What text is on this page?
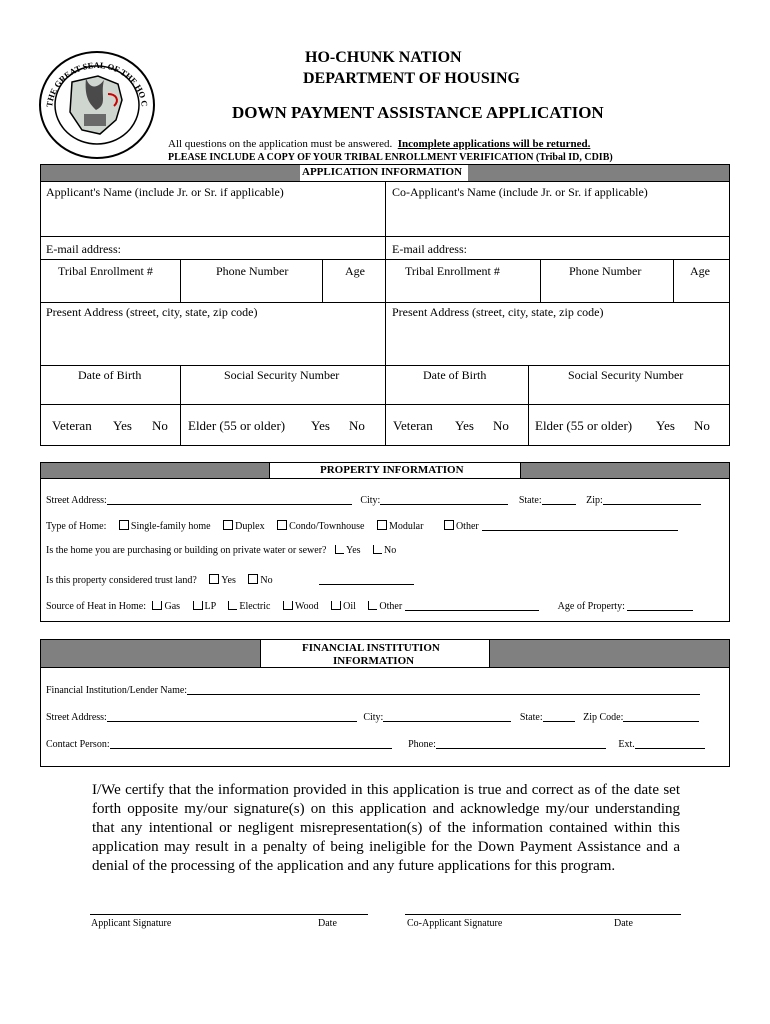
THE GREAT SEAL OF THE HO C
HO-CHUNK NATION
DEPARTMENT OF HOUSING
DOWN PAYMENT ASSISTANCE APPLICATION
All questions on the application must be answered. Incomplete applications will be returned.
PLEASE INCLUDE A COPY OF YOUR TRIBAL ENROLLMENT VERIFICATION (Tribal ID, CDIB)
APPLICATION INFORMATION
Applicant's Name (include Jr. or Sr. if applicable)	Co-Applicant's Name (include Jr. or Sr. if applicable)
E-mail address:	E-mail address:
Tribal Enrollment #	Phone Number	Age	Tribal Enrollment #	Phone Number	Age
Present Address (street, city, state, zip code)	Present Address (street, city, state, zip code)
Date of Birth	Social Security Number	Date of Birth	Social Security Number
Veteran Yes No Elder (55 or older) Yes No Veteran Yes No Elder (55 or older) Yes No
PROPERTY INFORMATION
Street Address:	City:	State:	Zip:
Type of Home: Single-family home Duplex Condo/Townhouse Modular	Other
Is the home you are purchasing or building on private water or sewer? Yes No
Is this property considered trust land? Yes No
Source of Heat in Home: Gas LP Electric Wood Oil Other	Age of Property:
FINANCIAL INSTITUTION
INFORMATION
Financial Institution/Lender Name:
Street Address:	City:	State:	Zip Code:
Contact Person:	Phone:	Ext.
I/We certify that the information provided in this application is true and correct as of the date set forth opposite my/our signature(s) on this application and acknowledge my/our understanding that any intentional or negligent misrepresentation(s) of the information contained within this application may result in a penalty of being ineligible for the Down Payment Assistance and a denial of the processing of the application and any future applications for this program.
Applicant Signature	Date	Co-Applicant Signature	Date
